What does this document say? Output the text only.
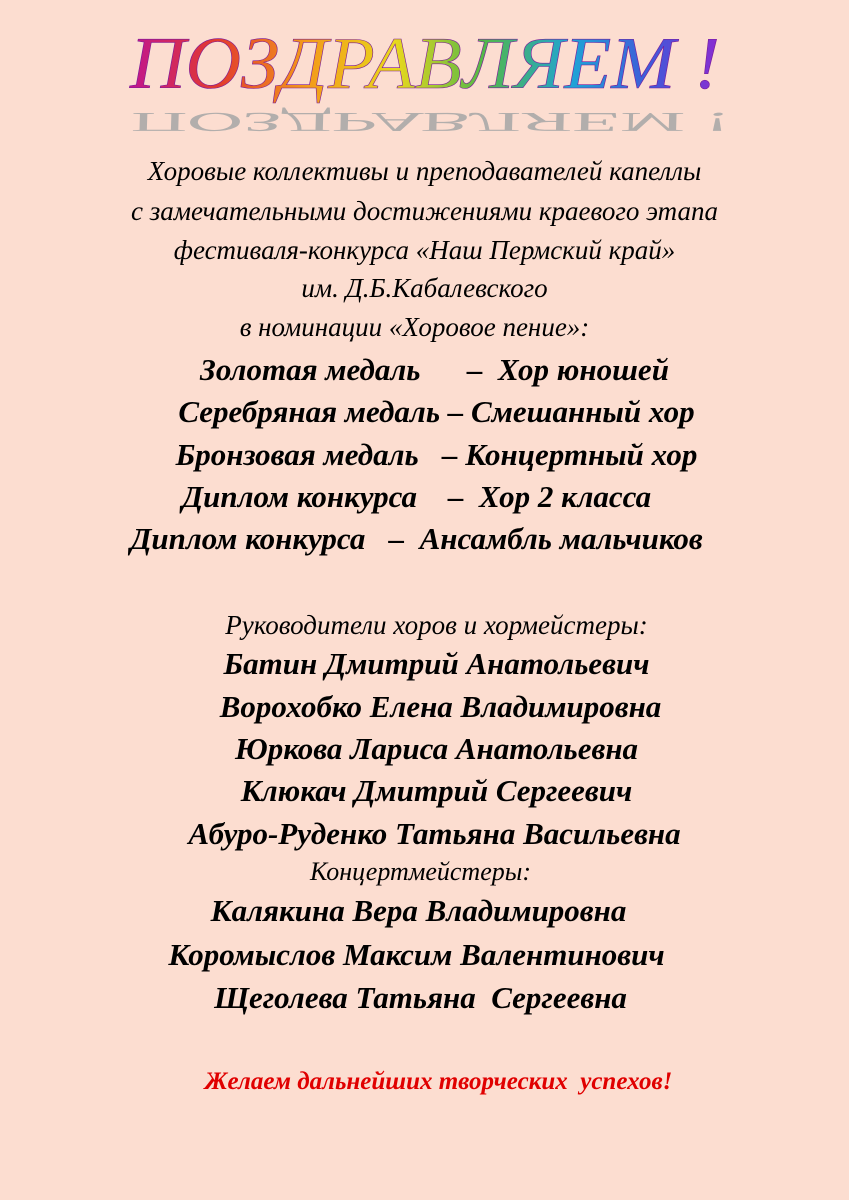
ПОЗДРАВЛЯЕМ !
ПОЗДРАВЛЯЕМ !
Хоровые коллективы и преподавателей капеллы
с замечательными достижениями краевого этапа
фестиваля-конкурса «Наш Пермский край»
им. Д.Б.Кабалевского
в номинации «Хоровое пение»:
Золотая медаль      –  Хор юношей
Серебряная медаль – Смешанный хор
Бронзовая медаль   – Концертный хор
Диплом конкурса    –  Хор 2 класса
Диплом конкурса   –  Ансамбль мальчиков
Руководители хоров и хормейстеры:
Батин Дмитрий Анатольевич
Ворохобко Елена Владимировна
Юркова Лариса Анатольевна
Клюкач Дмитрий Сергеевич
Абуро-Руденко Татьяна Васильевна
Концертмейстеры:
Калякина Вера Владимировна
Коромыслов Максим Валентинович
Щеголева Татьяна  Сергеевна
Желаем дальнейших творческих  успехов!
